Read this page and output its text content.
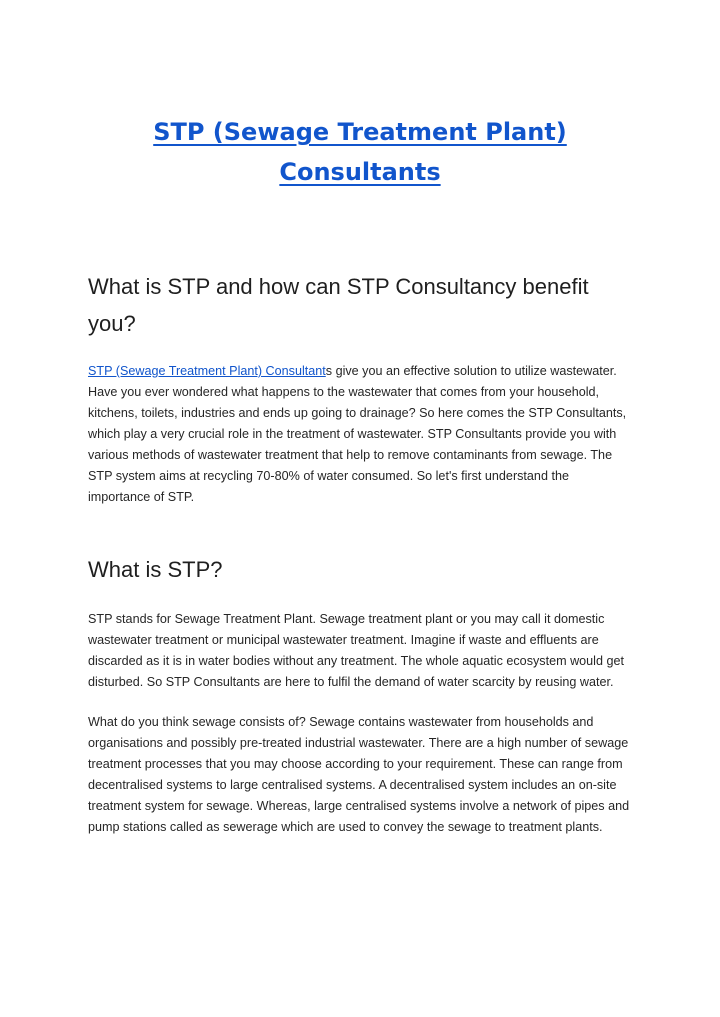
STP (Sewage Treatment Plant) Consultants
What is STP and how can STP Consultancy benefit you?

STP (Sewage Treatment Plant) Consultants give you an effective solution to utilize wastewater. Have you ever wondered what happens to the wastewater that comes from your household, kitchens, toilets, industries and ends up going to drainage? So here comes the STP Consultants, which play a very crucial role in the treatment of wastewater. STP Consultants provide you with various methods of wastewater treatment that help to remove contaminants from sewage. The STP system aims at recycling 70-80% of water consumed. So let's first understand the importance of STP.

What is STP?

STP stands for Sewage Treatment Plant. Sewage treatment plant or you may call it domestic wastewater treatment or municipal wastewater treatment. Imagine if waste and effluents are discarded as it is in water bodies without any treatment. The whole aquatic ecosystem would get disturbed. So STP Consultants are here to fulfil the demand of water scarcity by reusing water.

What do you think sewage consists of? Sewage contains wastewater from households and organisations and possibly pre-treated industrial wastewater. There are a high number of sewage treatment processes that you may choose according to your requirement. These can range from decentralised systems to large centralised systems. A decentralised system includes an on-site treatment system for sewage. Whereas, large centralised systems involve a network of pipes and pump stations called as sewerage which are used to convey the sewage to treatment plants.
